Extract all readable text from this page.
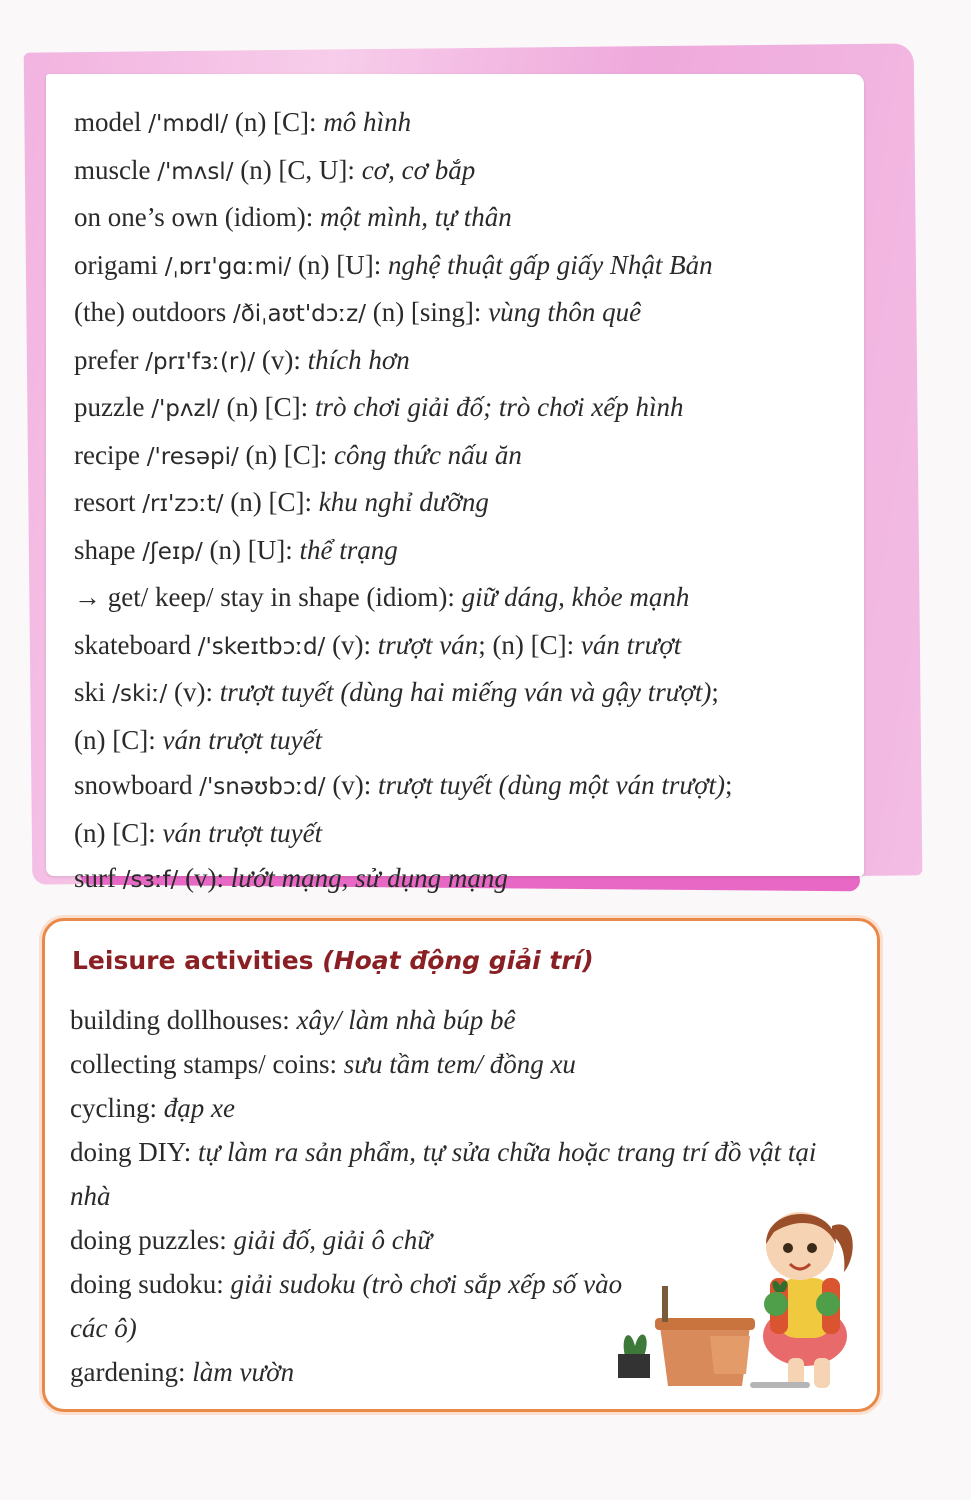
model /'mɒdl/ (n) [C]: mô hình
muscle /'mʌsl/ (n) [C, U]: cơ, cơ bắp
on one’s own (idiom): một mình, tự thân
origami /ˌɒrɪ'gɑːmi/ (n) [U]: nghệ thuật gấp giấy Nhật Bản
(the) outdoors /ðiˌaʊt'dɔːz/ (n) [sing]: vùng thôn quê
prefer /prɪ'fɜː(r)/ (v): thích hơn
puzzle /'pʌzl/ (n) [C]: trò chơi giải đố; trò chơi xếp hình
recipe /'resəpi/ (n) [C]: công thức nấu ăn
resort /rɪ'zɔːt/ (n) [C]: khu nghỉ dưỡng
shape /ʃeɪp/ (n) [U]: thể trạng
→ get/ keep/ stay in shape (idiom): giữ dáng, khỏe mạnh
skateboard /'skeɪtbɔːd/ (v): trượt ván; (n) [C]: ván trượt
ski /skiː/ (v): trượt tuyết (dùng hai miếng ván và gậy trượt);
(n) [C]: ván trượt tuyết
snowboard /'snəʊbɔːd/ (v): trượt tuyết (dùng một ván trượt);
(n) [C]: ván trượt tuyết
surf /sɜːf/ (v): lướt mạng, sử dụng mạng
Leisure activities (Hoạt động giải trí)
building dollhouses: xây/ làm nhà búp bê
collecting stamps/ coins: sưu tầm tem/ đồng xu
cycling: đạp xe
doing DIY: tự làm ra sản phẩm, tự sửa chữa hoặc trang trí đồ vật tại nhà
doing puzzles: giải đố, giải ô chữ
doing sudoku: giải sudoku (trò chơi sắp xếp số vào các ô)
gardening: làm vườn
